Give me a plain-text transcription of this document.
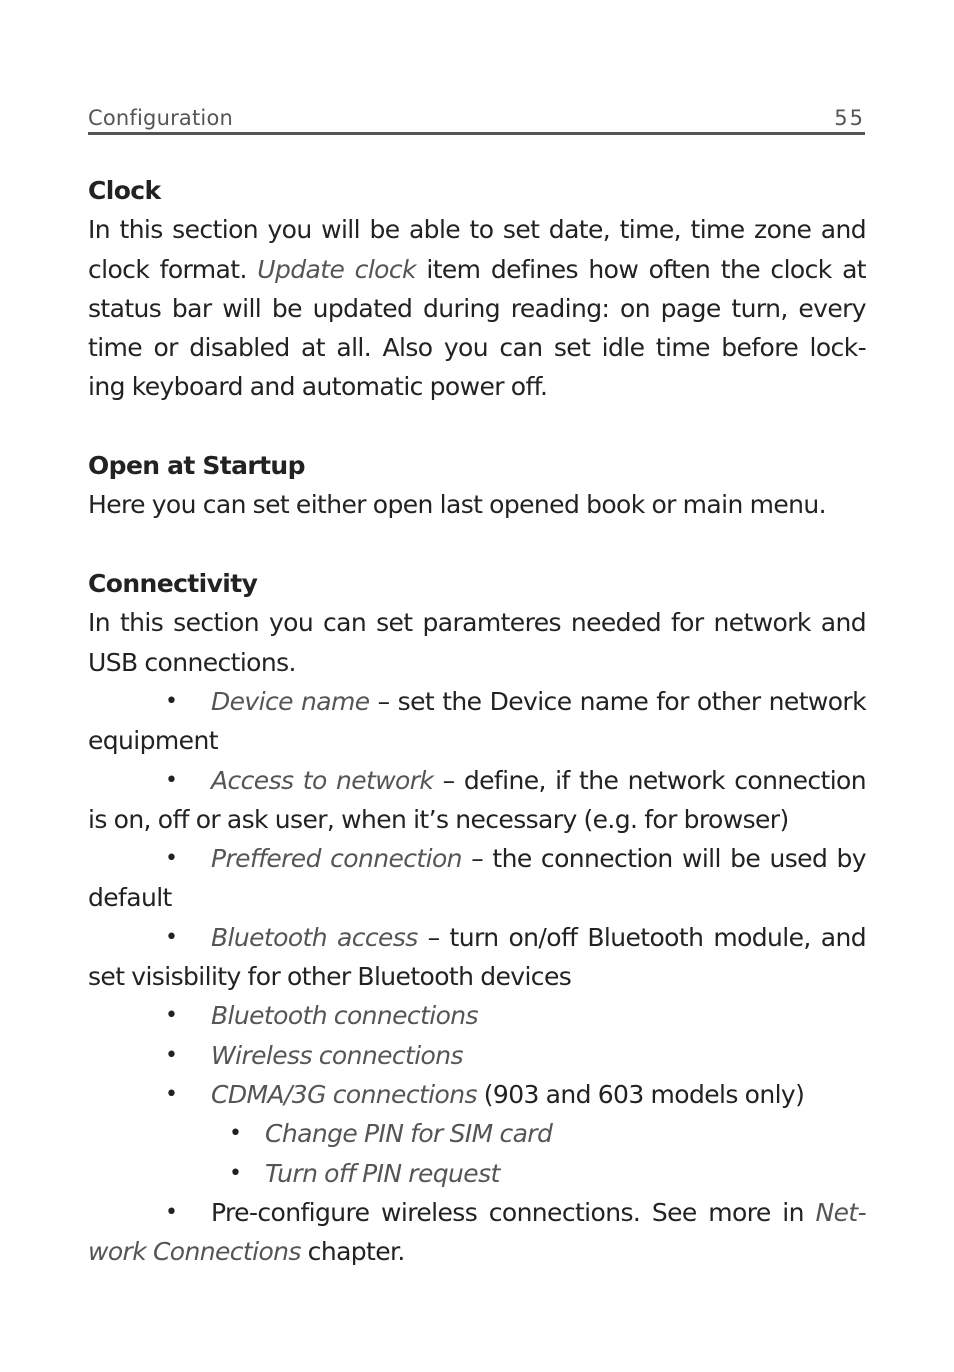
Configuration	55
Clock
In this section you will be able to set date, time, time zone and
clock format. Update clock item defines how often the clock at
status bar will be updated during reading: on page turn, every
time or disabled at all. Also you can set idle time before lock-
ing keyboard and automatic power off.
Open at Startup
Here you can set either open last opened book or main menu.
Connectivity
In this section you can set paramteres needed for network and
USB connections.
• Device name – set the Device name for other network
equipment
• Access to network – define, if the network connection
is on, off or ask user, when it’s necessary (e.g. for browser)
• Preffered connection – the connection will be used by
default
• Bluetooth access – turn on/off Bluetooth module, and
set visisbility for other Bluetooth devices
• Bluetooth connections
• Wireless connections
• CDMA/3G connections (903 and 603 models only)
• Change PIN for SIM card
• Turn off PIN request
• Pre-configure wireless connections. See more in Net-
work Connections chapter.
